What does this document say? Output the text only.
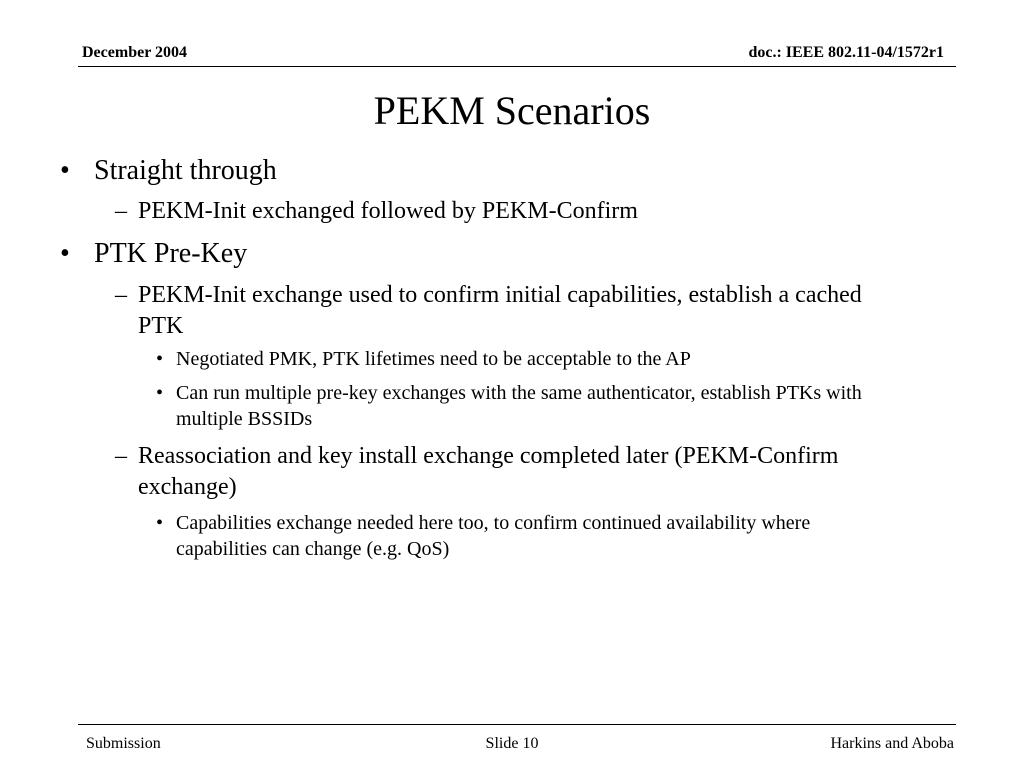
December 2004	doc.: IEEE 802.11-04/1572r1
PEKM Scenarios
• Straight through
– PEKM-Init exchanged followed by PEKM-Confirm
• PTK Pre-Key
– PEKM-Init exchange used to confirm initial capabilities, establish a cached PTK
• Negotiated PMK, PTK lifetimes need to be acceptable to the AP
• Can run multiple pre-key exchanges with the same authenticator, establish PTKs with multiple BSSIDs
– Reassociation and key install exchange completed later (PEKM-Confirm exchange)
• Capabilities exchange needed here too, to confirm continued availability where capabilities can change (e.g. QoS)
Submission	Slide 10	Harkins and Aboba
